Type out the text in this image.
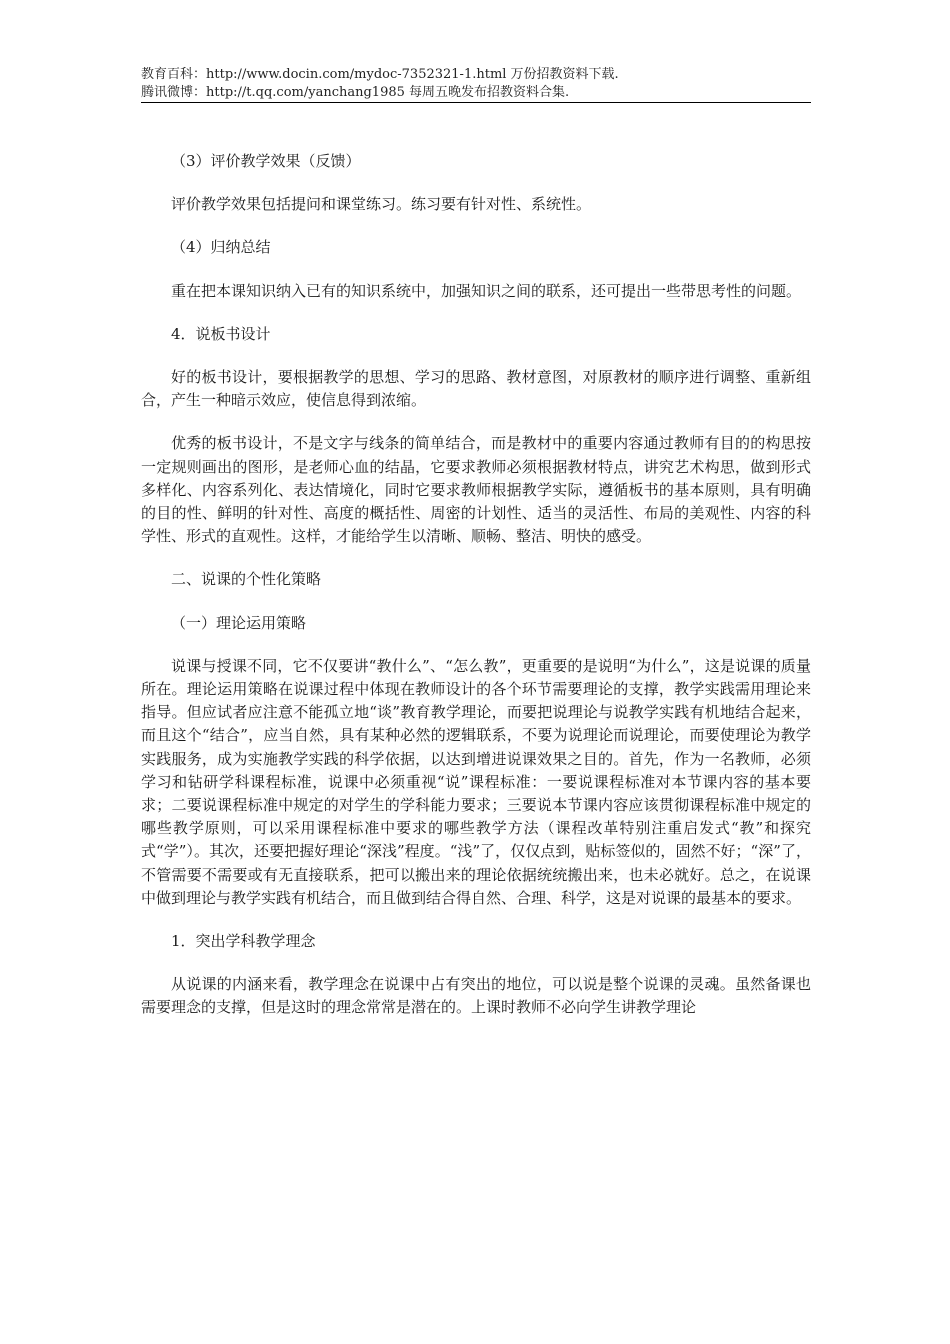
教育百科：http://www.docin.com/mydoc-7352321-1.html 万份招教资料下载.
腾讯微博：http://t.qq.com/yanchang1985 每周五晚发布招教资料合集.
（3）评价教学效果（反馈）

评价教学效果包括提问和课堂练习。练习要有针对性、系统性。

（4）归纳总结

重在把本课知识纳入已有的知识系统中，加强知识之间的联系，还可提出一些带思考性的问题。

4．说板书设计

好的板书设计，要根据教学的思想、学习的思路、教材意图，对原教材的顺序进行调整、重新组合，产生一种暗示效应，使信息得到浓缩。

优秀的板书设计，不是文字与线条的简单结合，而是教材中的重要内容通过教师有目的的构思按一定规则画出的图形，是老师心血的结晶，它要求教师必须根据教材特点，讲究艺术构思，做到形式多样化、内容系列化、表达情境化，同时它要求教师根据教学实际，遵循板书的基本原则，具有明确的目的性、鲜明的针对性、高度的概括性、周密的计划性、适当的灵活性、布局的美观性、内容的科学性、形式的直观性。这样，才能给学生以清晰、顺畅、整洁、明快的感受。

二、说课的个性化策略
（一）理论运用策略

说课与授课不同，它不仅要讲“教什么”、“怎么教”，更重要的是说明“为什么”，这是说课的质量所在。理论运用策略在说课过程中体现在教师设计的各个环节需要理论的支撑，教学实践需用理论来指导。但应试者应注意不能孤立地“谈”教育教学理论，而要把说理论与说教学实践有机地结合起来，而且这个“结合”，应当自然，具有某种必然的逻辑联系，不要为说理论而说理论，而要使理论为教学实践服务，成为实施教学实践的科学依据，以达到增进说课效果之目的。首先，作为一名教师，必须学习和钻研学科课程标准，说课中必须重视“说”课程标准：一要说课程标准对本节课内容的基本要求；二要说课程标准中规定的对学生的学科能力要求；三要说本节课内容应该贯彻课程标准中规定的哪些教学原则，可以采用课程标准中要求的哪些教学方法（课程改革特别注重启发式“教”和探究式“学”）。其次，还要把握好理论“深浅”程度。“浅”了，仅仅点到，贴标签似的，固然不好；“深”了，不管需要不需要或有无直接联系，把可以搬出来的理论依据统统搬出来，也未必就好。总之，在说课中做到理论与教学实践有机结合，而且做到结合得自然、合理、科学，这是对说课的最基本的要求。

1．突出学科教学理念

从说课的内涵来看，教学理念在说课中占有突出的地位，可以说是整个说课的灵魂。虽然备课也需要理念的支撑，但是这时的理念常常是潜在的。上课时教师不必向学生讲教学理论
